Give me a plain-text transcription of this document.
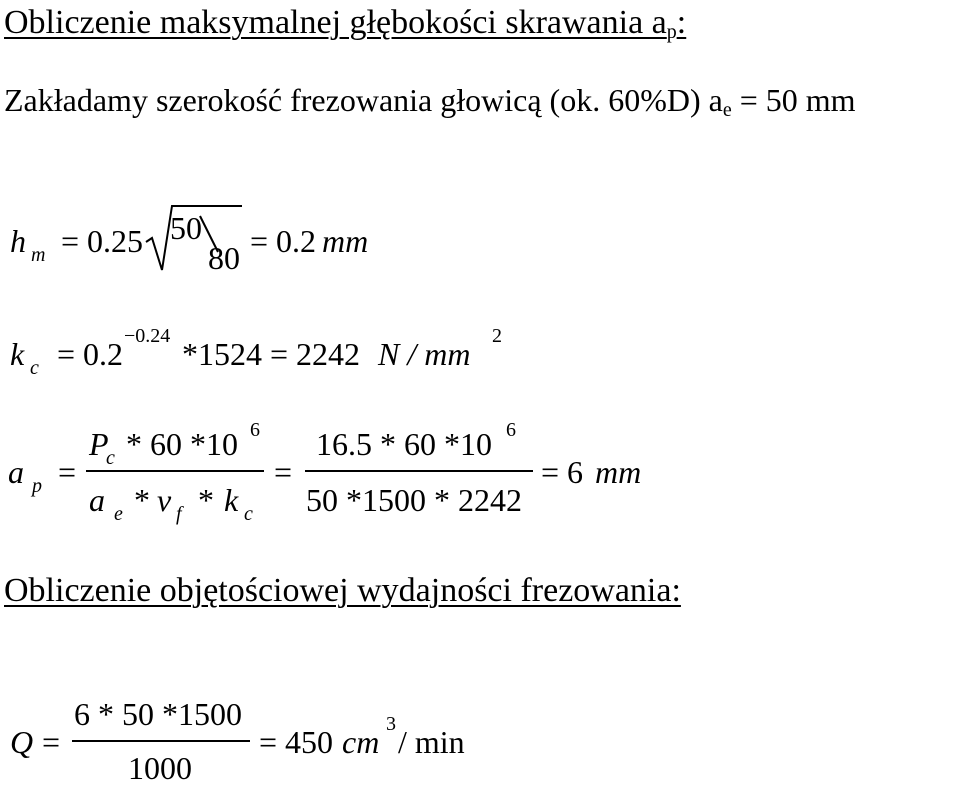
Obliczenie maksymalnej głębokości skrawania $a_p$:
Zakładamy szerokość frezowania głowicą (ok. 60%D) $a_e = 50$ mm
h m = 0.25 50
80 = 0.2 mm
k c = 0.2 −0.24 *1524 = 2242 N / mm 2
a p =
P
c * 60 *10 6
a e * v f * k c
=
16.5 * 60 *10 6
50 *1500 * 2242
= 6 mm
Obliczenie objętościowej wydajności frezowania:
Q =
6 * 50 *1500
1000
= 450 cm 3 / min
